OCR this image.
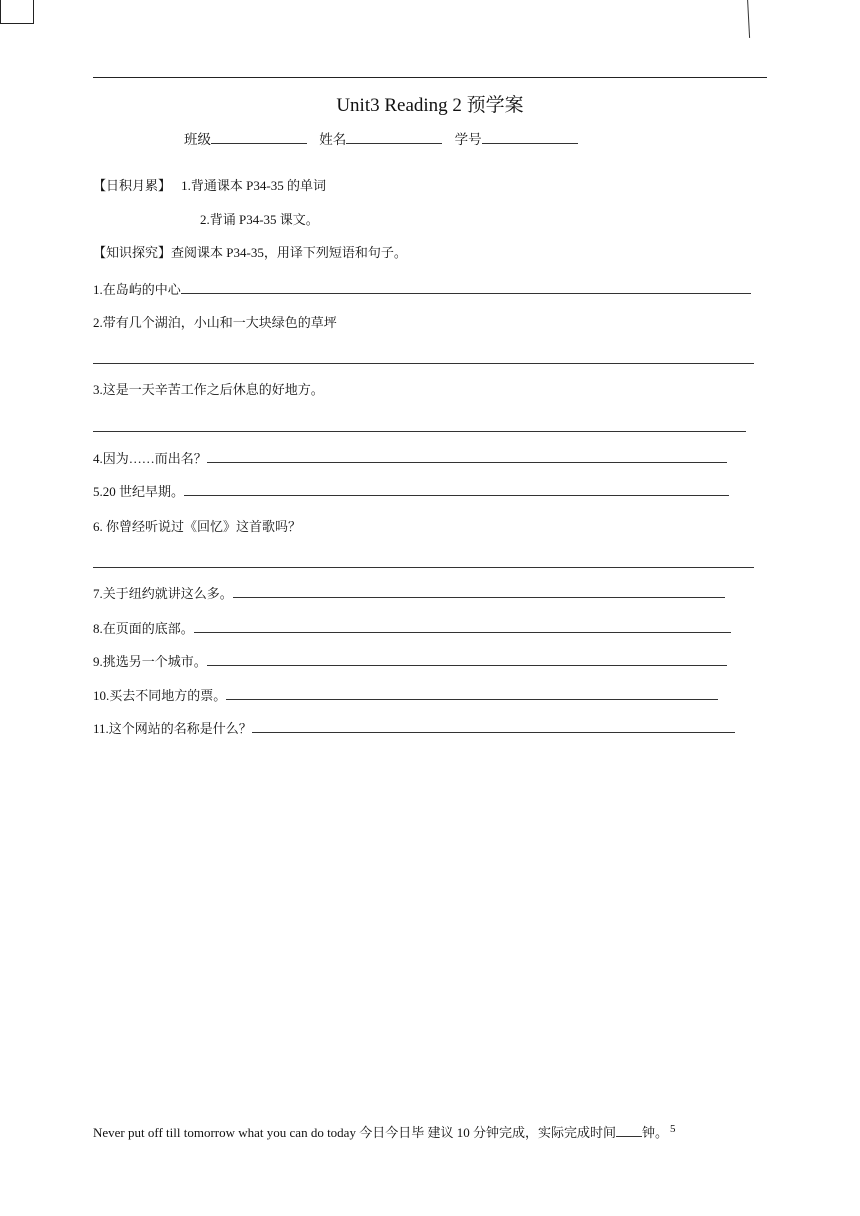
Unit3 Reading 2 预学案
班级	姓名	学号
【日积月累】 1.背通课本 P34-35 的单词
2.背诵 P34-35 课文。
【知识探究】查阅课本 P34-35，用译下列短语和句子。
1.在岛屿的中心
2.带有几个湖泊，小山和一大块绿色的草坪
3.这是一天辛苦工作之后休息的好地方。
4.因为……而出名？
5.20 世纪早期。
6. 你曾经听说过《回忆》这首歌吗？
7.关于纽约就讲这么多。
8.在页面的底部。
9.挑选另一个城市。
10.买去不同地方的票。
11.这个网站的名称是什么？
Never put off till tomorrow what you can do today 今日今日毕 建议 10 分钟完成，实际完成时间 钟。 $^5$
